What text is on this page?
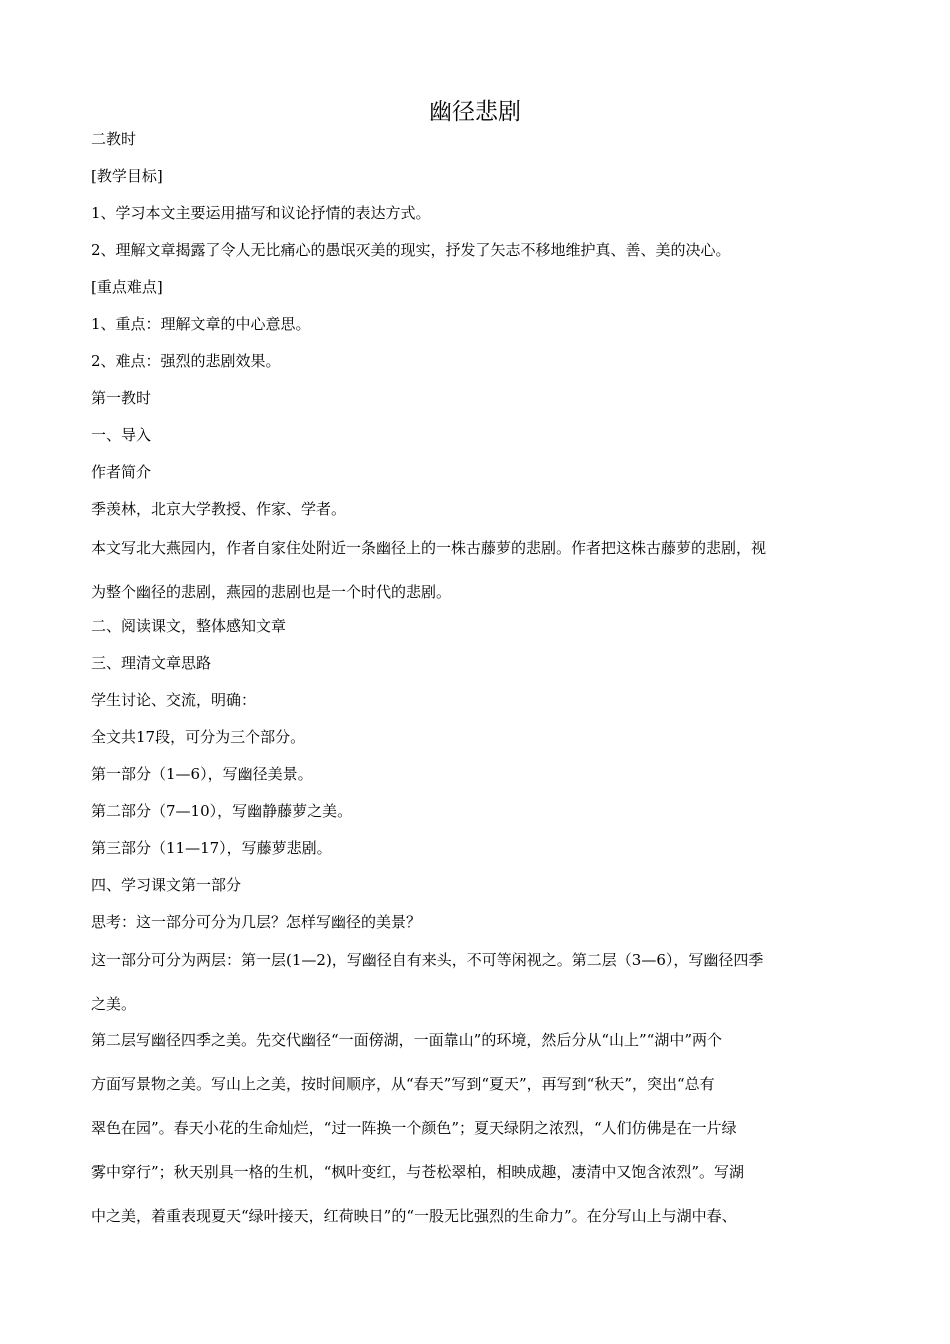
幽径悲剧
二教时
[教学目标]
1、学习本文主要运用描写和议论抒情的表达方式。
2、理解文章揭露了令人无比痛心的愚氓灭美的现实，抒发了矢志不移地维护真、善、美的决心。
[重点难点]
1、重点：理解文章的中心意思。
2、难点：强烈的悲剧效果。
第一教时
一、导入
作者简介
季羡林，北京大学教授、作家、学者。
本文写北大燕园内，作者自家住处附近一条幽径上的一株古藤萝的悲剧。作者把这株古藤萝的悲剧，视
为整个幽径的悲剧，燕园的悲剧也是一个时代的悲剧。
二、阅读课文，整体感知文章
三、理清文章思路
学生讨论、交流，明确：
全文共17段，可分为三个部分。
第一部分（1—6），写幽径美景。
第二部分（7—10），写幽静藤萝之美。
第三部分（11—17），写藤萝悲剧。
四、学习课文第一部分
思考：这一部分可分为几层？怎样写幽径的美景？
这一部分可分为两层：第一层(1—2)，写幽径自有来头，不可等闲视之。第二层（3—6），写幽径四季
之美。
第二层写幽径四季之美。先交代幽径“一面傍湖，一面靠山”的环境，然后分从“山上”“湖中”两个
方面写景物之美。写山上之美，按时间顺序，从“春天”写到“夏天”，再写到“秋天”，突出“总有
翠色在园”。春天小花的生命灿烂，“过一阵换一个颜色”；夏天绿阴之浓烈，“人们仿佛是在一片绿
雾中穿行”；秋天别具一格的生机，“枫叶变红，与苍松翠柏，相映成趣，凄清中又饱含浓烈”。写湖
中之美，着重表现夏天“绿叶接天，红荷映日”的“一股无比强烈的生命力”。在分写山上与湖中春、
